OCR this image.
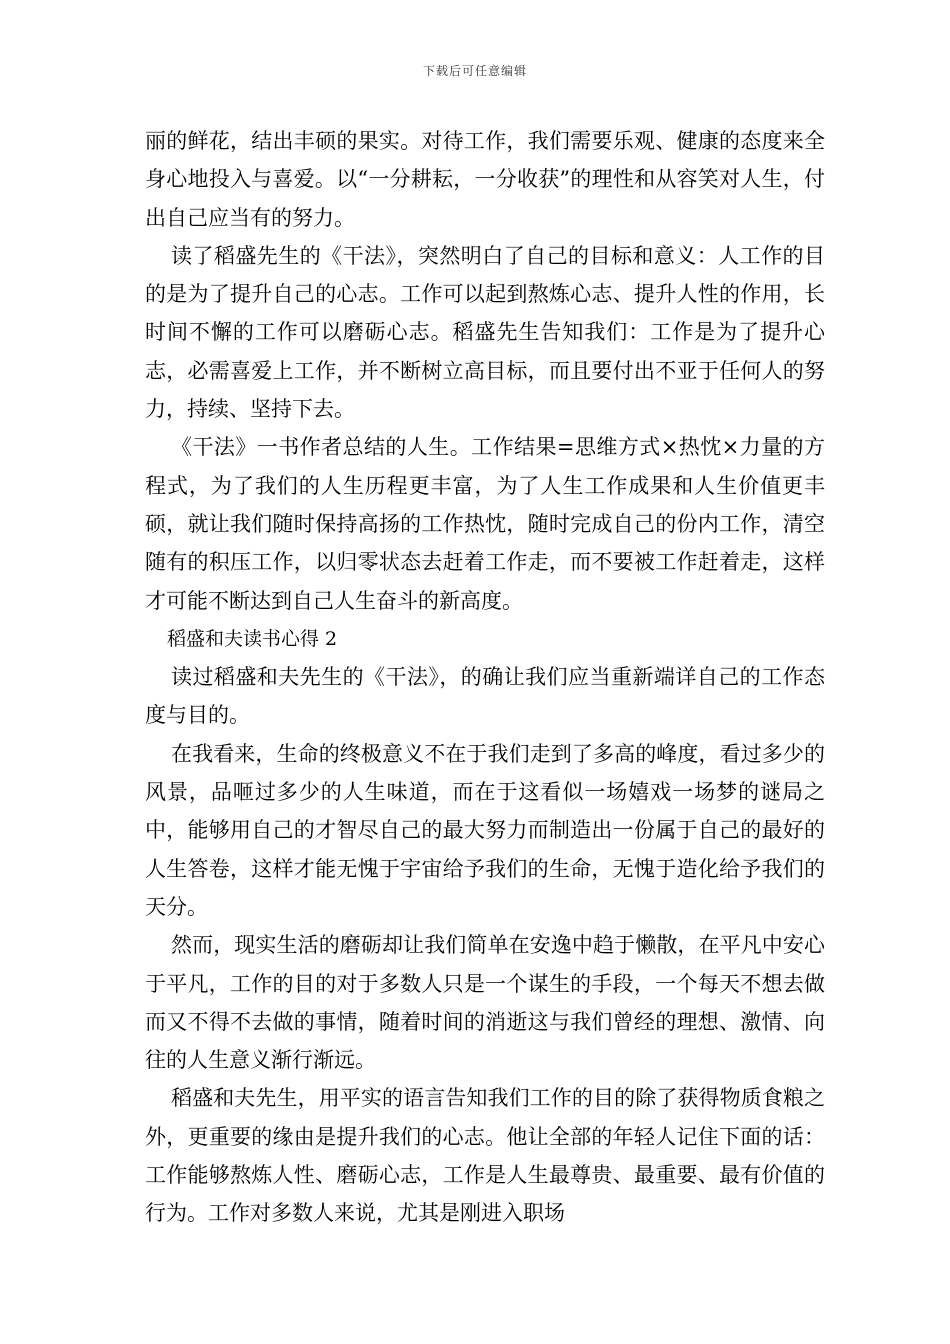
下载后可任意编辑

丽的鲜花，结出丰硕的果实。对待工作，我们需要乐观、健康的态度来全身心地投入与喜爱。以“一分耕耘，一分收获”的理性和从容笑对人生，付出自己应当有的努力。

读了稻盛先生的《干法》，突然明白了自己的目标和意义：人工作的目的是为了提升自己的心志。工作可以起到熬炼心志、提升人性的作用，长时间不懈的工作可以磨砺心志。稻盛先生告知我们：工作是为了提升心志，必需喜爱上工作，并不断树立高目标，而且要付出不亚于任何人的努力，持续、坚持下去。

《干法》一书作者总结的人生。工作结果=思维方式×热忱×力量的方程式，为了我们的人生历程更丰富，为了人生工作成果和人生价值更丰硕，就让我们随时保持高扬的工作热忱，随时完成自己的份内工作，清空随有的积压工作，以归零状态去赶着工作走，而不要被工作赶着走，这样才可能不断达到自己人生奋斗的新高度。

稻盛和夫读书心得 2

读过稻盛和夫先生的《干法》，的确让我们应当重新端详自己的工作态度与目的。

在我看来，生命的终极意义不在于我们走到了多高的峰度，看过多少的风景，品咂过多少的人生味道，而在于这看似一场嬉戏一场梦的谜局之中，能够用自己的才智尽自己的最大努力而制造出一份属于自己的最好的人生答卷，这样才能无愧于宇宙给予我们的生命，无愧于造化给予我们的天分。

然而，现实生活的磨砺却让我们简单在安逸中趋于懒散，在平凡中安心于平凡，工作的目的对于多数人只是一个谋生的手段，一个每天不想去做而又不得不去做的事情，随着时间的消逝这与我们曾经的理想、激情、向往的人生意义渐行渐远。

稻盛和夫先生，用平实的语言告知我们工作的目的除了获得物质食粮之外，更重要的缘由是提升我们的心志。他让全部的年轻人记住下面的话：工作能够熬炼人性、磨砺心志，工作是人生最尊贵、最重要、最有价值的行为。工作对多数人来说，尤其是刚进入职场
